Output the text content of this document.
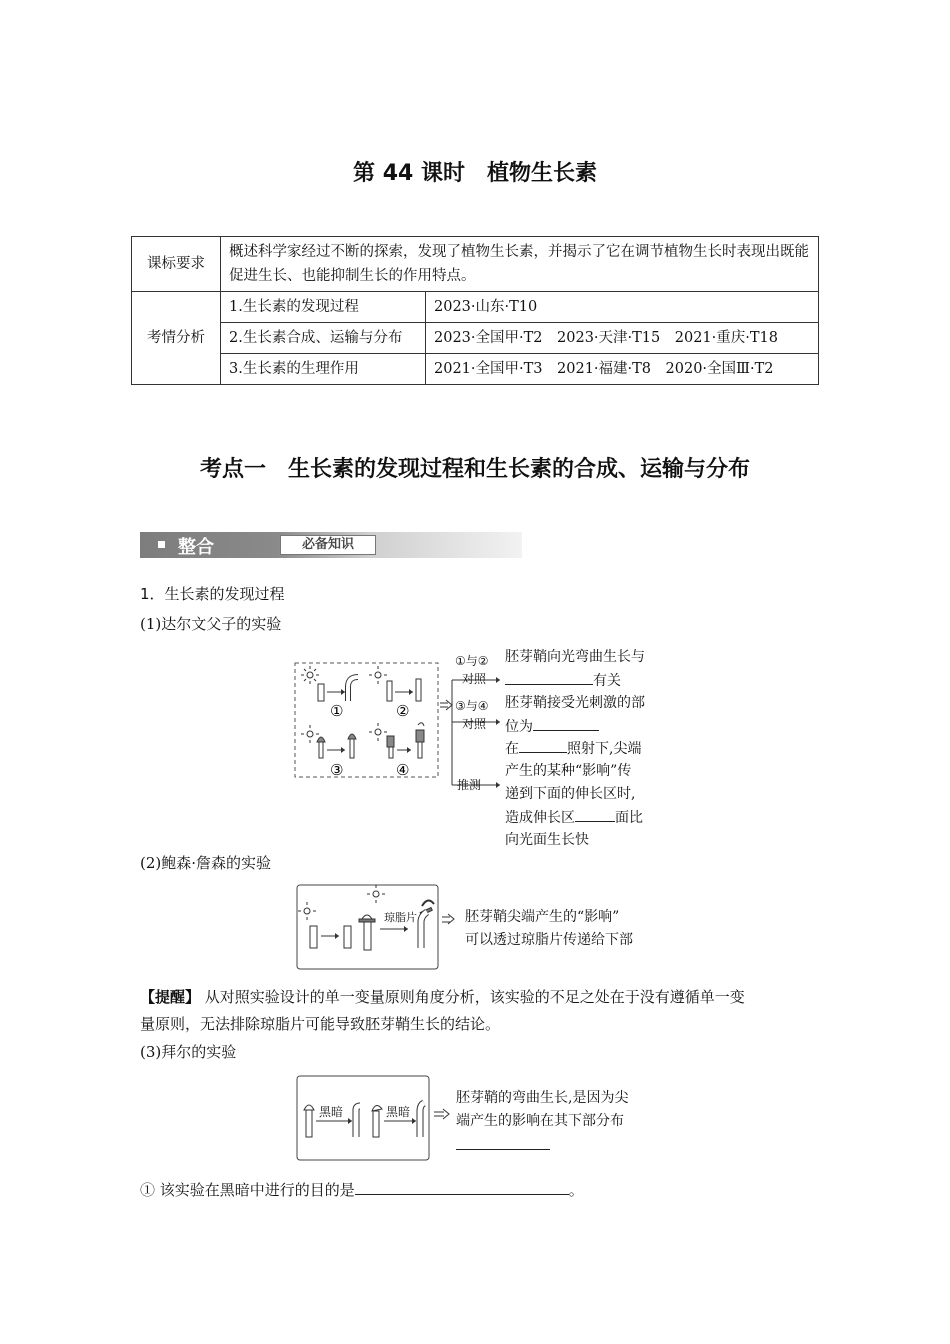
第 44 课时　植物生长素
课标要求	概述科学家经过不断的探索，发现了植物生长素，并揭示了它在调节植物生长时表现出既能促进生长、也能抑制生长的作用特点。	
考情分析	1.生长素的发现过程	2023·山东·T10
	2.生长素合成、运输与分布	2023·全国甲·T2　2023·天津·T15　2021·重庆·T18
	3.生长素的生理作用	2021·全国甲·T3　2021·福建·T8　2020·全国Ⅲ·T2
考点一　生长素的发现过程和生长素的合成、运输与分布
整合	必备知识
1．生长素的发现过程
(1)达尔文父子的实验
①	②
③	④
①与②
对照
胚芽鞘向光弯曲生长与
有关
③与④
对照
胚芽鞘接受光刺激的部
位为
推测
在	照射下,尖端
产生的某种“影响”传
递到下面的伸长区时,
造成伸长区	面比
向光面生长快
(2)鲍森·詹森的实验
琼脂片	胚芽鞘尖端产生的“影响”
可以透过琼脂片传递给下部
【提醒】 从对照实验设计的单一变量原则角度分析，该实验的不足之处在于没有遵循单一变
量原则，无法排除琼脂片可能导致胚芽鞘生长的结论。
(3)拜尔的实验
黑暗	黑暗
胚芽鞘的弯曲生长,是因为尖
端产生的影响在其下部分布
① 该实验在黑暗中进行的目的是	。
